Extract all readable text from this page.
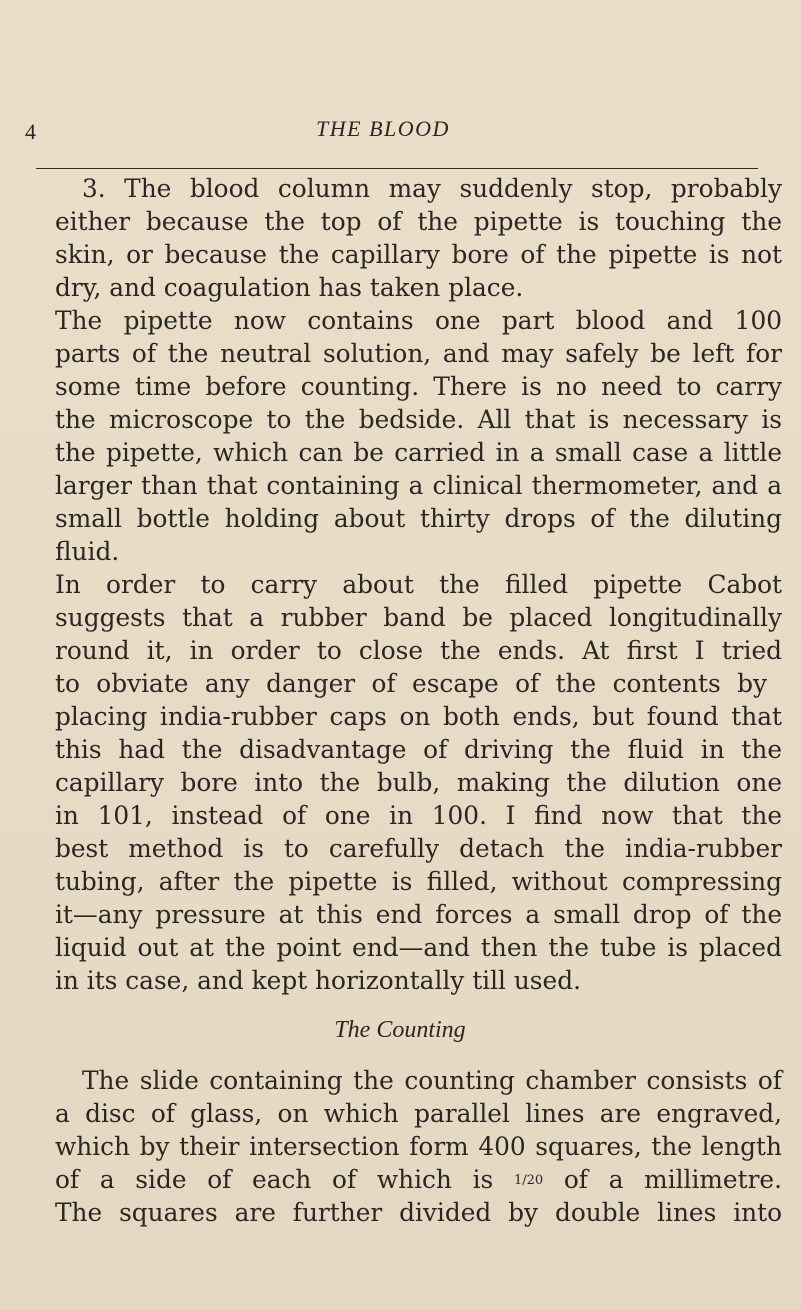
4	THE BLOOD
3. The blood column may suddenly stop, probably
either because the top of the pipette is touching the
skin, or because the capillary bore of the pipette is not
dry, and coagulation has taken place.
The pipette now contains one part blood and 100
parts of the neutral solution, and may safely be left for
some time before counting. There is no need to carry
the microscope to the bedside. All that is necessary is
the pipette, which can be carried in a small case a little
larger than that containing a clinical thermometer, and a
small bottle holding about thirty drops of the diluting
fluid.
In order to carry about the filled pipette Cabot
suggests that a rubber band be placed longitudinally
round it, in order to close the ends. At first I tried
to obviate any danger of escape of the contents by
placing india-rubber caps on both ends, but found that
this had the disadvantage of driving the fluid in the
capillary bore into the bulb, making the dilution one
in 101, instead of one in 100. I find now that the
best method is to carefully detach the india-rubber
tubing, after the pipette is filled, without compressing
it—any pressure at this end forces a small drop of the
liquid out at the point end—and then the tube is placed
in its case, and kept horizontally till used.
The Counting
The slide containing the counting chamber consists of
a disc of glass, on which parallel lines are engraved,
which by their intersection form 400 squares, the length
of a side of each of which is 1/20 of a millimetre.
The squares are further divided by double lines into
